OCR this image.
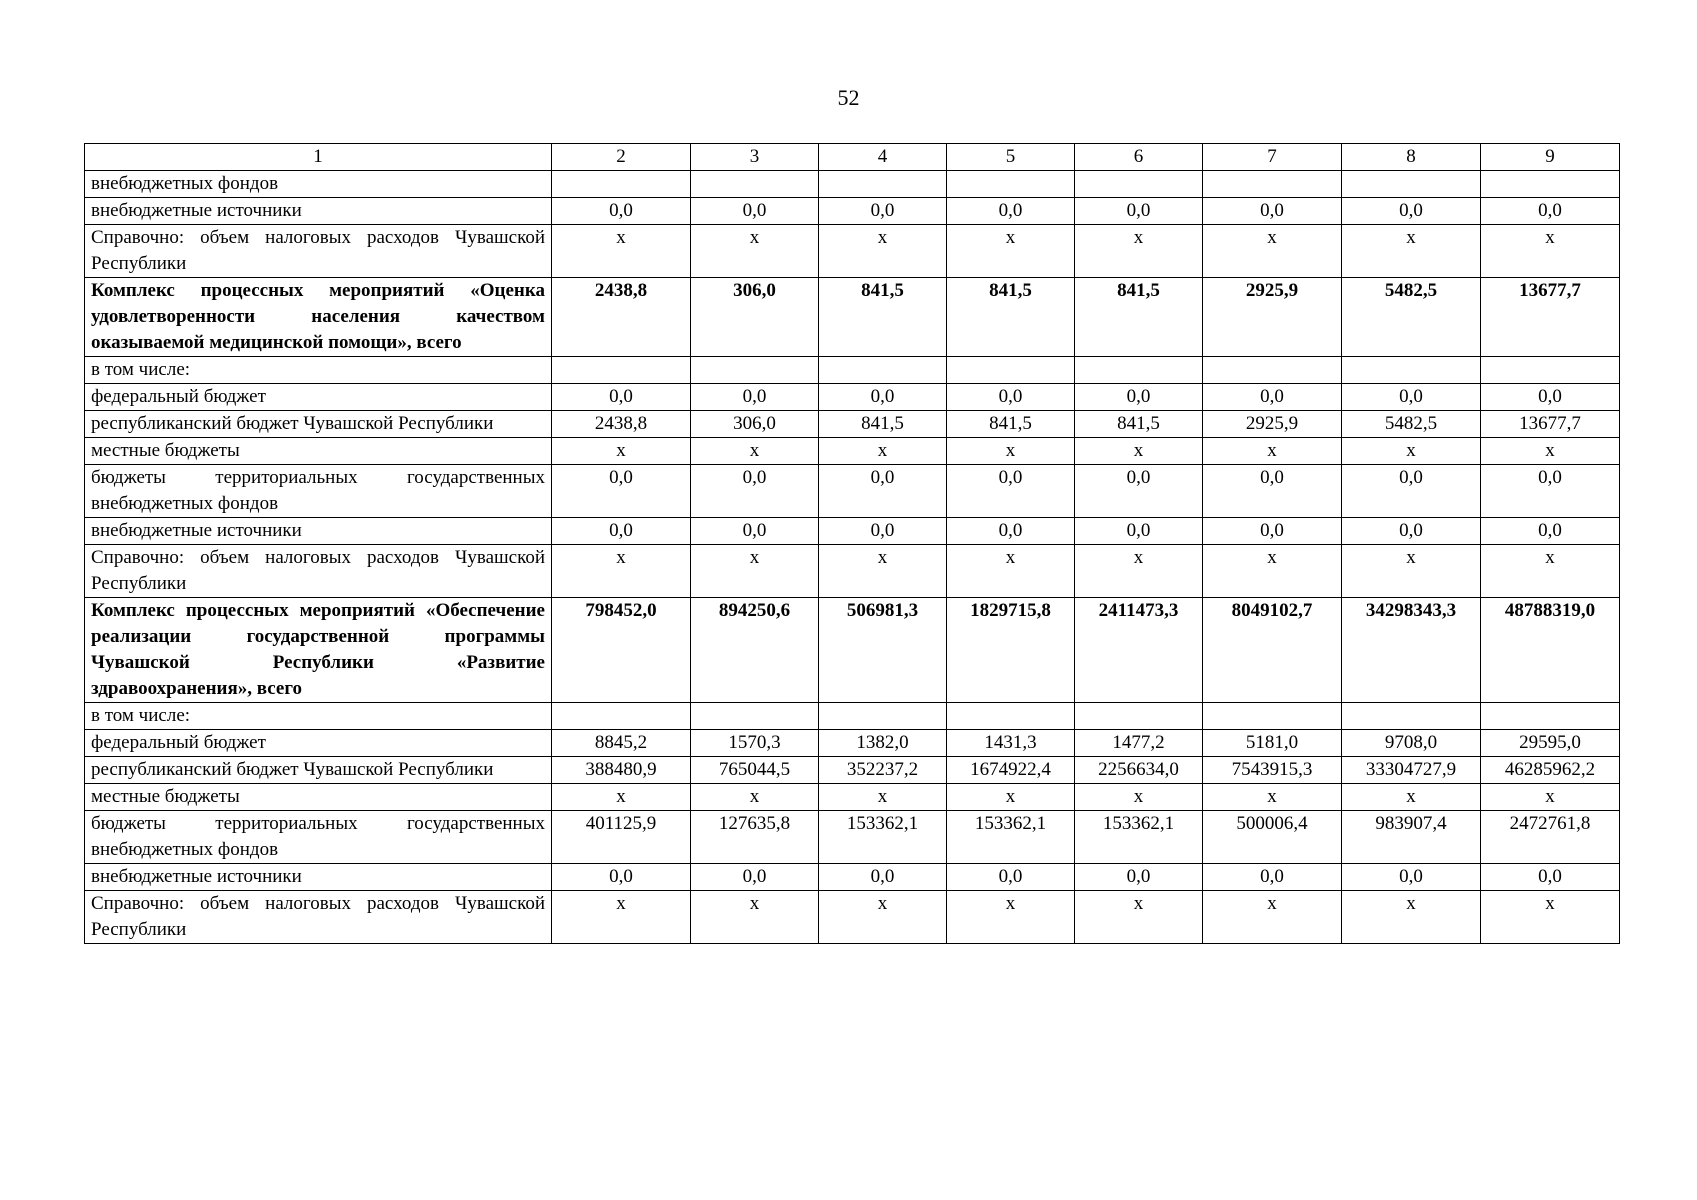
52
1	2	3	4	5	6	7	8	9
внебюджетных фондов								
внебюджетные источники	0,0	0,0	0,0	0,0	0,0	0,0	0,0	0,0
Справочно: объем налоговых расходов Чувашской Республики	х	х	х	х	х	х	х	х
Комплекс процессных мероприятий «Оценка удовлетворенности населения качеством оказываемой медицинской помощи», всего	2438,8	306,0	841,5	841,5	841,5	2925,9	5482,5	13677,7
в том числе:								
федеральный бюджет	0,0	0,0	0,0	0,0	0,0	0,0	0,0	0,0
республиканский бюджет Чувашской Республики	2438,8	306,0	841,5	841,5	841,5	2925,9	5482,5	13677,7
местные бюджеты	х	х	х	х	х	х	х	х
бюджеты территориальных государственных внебюджетных фондов	0,0	0,0	0,0	0,0	0,0	0,0	0,0	0,0
внебюджетные источники	0,0	0,0	0,0	0,0	0,0	0,0	0,0	0,0
Справочно: объем налоговых расходов Чувашской Республики	х	х	х	х	х	х	х	х
Комплекс процессных мероприятий «Обеспечение реализации государственной программы Чувашской Республики «Развитие здравоохранения», всего	798452,0	894250,6	506981,3	1829715,8	2411473,3	8049102,7	34298343,3	48788319,0
в том числе:								
федеральный бюджет	8845,2	1570,3	1382,0	1431,3	1477,2	5181,0	9708,0	29595,0
республиканский бюджет Чувашской Республики	388480,9	765044,5	352237,2	1674922,4	2256634,0	7543915,3	33304727,9	46285962,2
местные бюджеты	х	х	х	х	х	х	х	х
бюджеты территориальных государственных внебюджетных фондов	401125,9	127635,8	153362,1	153362,1	153362,1	500006,4	983907,4	2472761,8
внебюджетные источники	0,0	0,0	0,0	0,0	0,0	0,0	0,0	0,0
Справочно: объем налоговых расходов Чувашской Республики	х	х	х	х	х	х	х	х
